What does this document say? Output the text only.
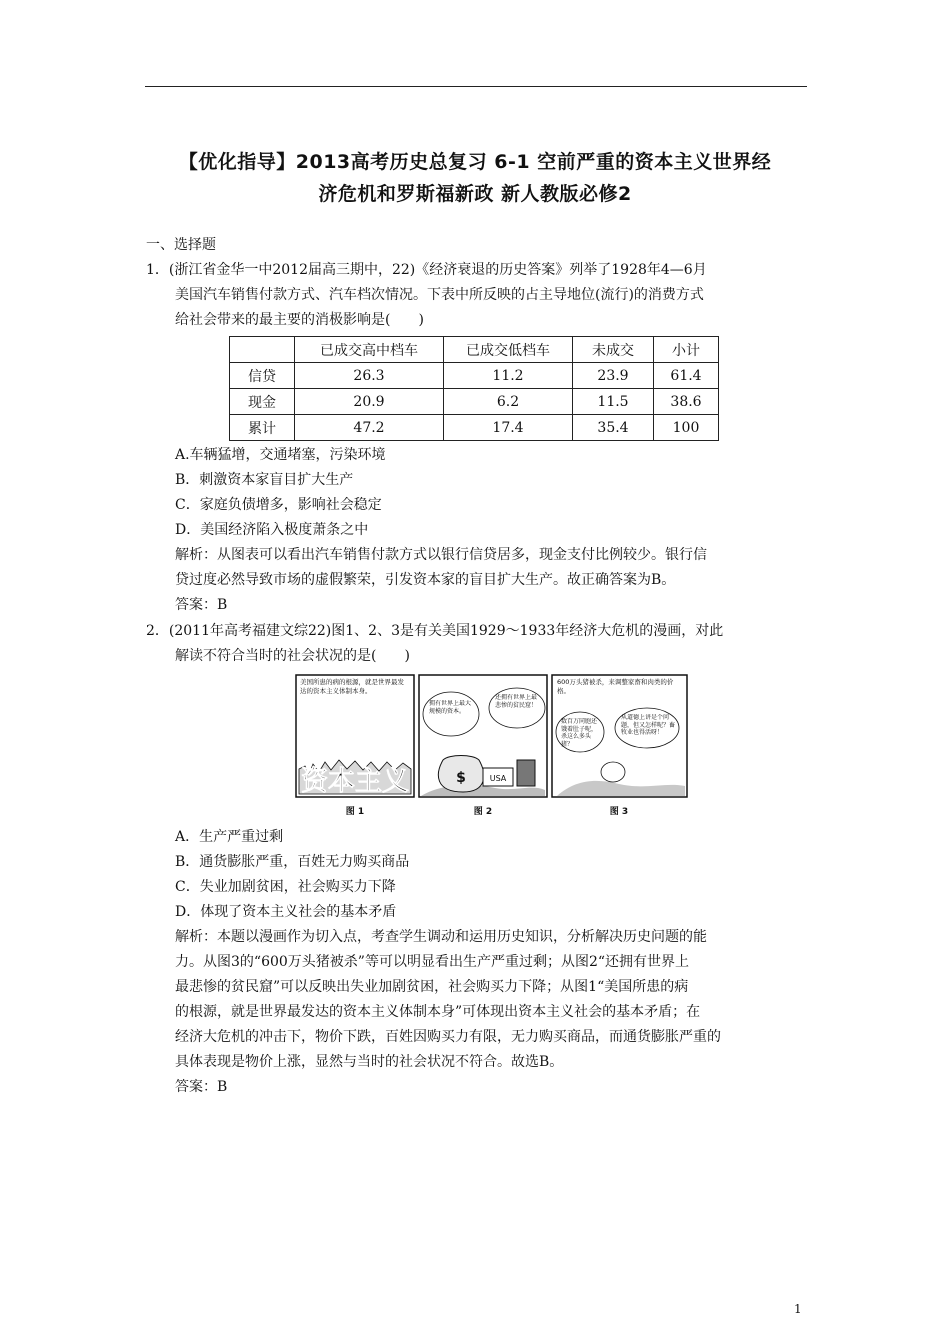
【优化指导】2013高考历史总复习 6-1 空前严重的资本主义世界经
济危机和罗斯福新政 新人教版必修2
一、选择题
1．(浙江省金华一中2012届高三期中，22)《经济衰退的历史答案》列举了1928年4—6月
美国汽车销售付款方式、汽车档次情况。下表中所反映的占主导地位(流行)的消费方式
给社会带来的最主要的消极影响是(　　)
	已成交高中档车	已成交低档车	未成交	小计
信贷	26.3	11.2	23.9	61.4
现金	20.9	6.2	11.5	38.6
累计	47.2	17.4	35.4	100
A.车辆猛增，交通堵塞，污染环境
B．刺激资本家盲目扩大生产
C．家庭负债增多，影响社会稳定
D．美国经济陷入极度萧条之中
解析：从图表可以看出汽车销售付款方式以银行信贷居多，现金支付比例较少。银行信
贷过度必然导致市场的虚假繁荣，引发资本家的盲目扩大生产。故正确答案为B。
答案：B
2．(2011年高考福建文综22)图1、2、3是有关美国1929～1933年经济大危机的漫画，对此
解读不符合当时的社会状况的是(　　)
美国所患的病的根源，就是世界最发达的资本主义体制本身。
资本主义
拥有世界上最大规模的资本。
还拥有世界上最悲惨的贫民窟！
$	USA
600万头猪被杀，来调整家畜和肉类的价格。
数百万同胞还饿着肚子呢，杀这么多头猪？
从道德上讲是个问题，但又怎样呢？畜牧业也得活呀！
图 1	图 2	图 3
A．生产严重过剩
B．通货膨胀严重，百姓无力购买商品
C．失业加剧贫困，社会购买力下降
D．体现了资本主义社会的基本矛盾
解析：本题以漫画作为切入点，考查学生调动和运用历史知识，分析解决历史问题的能
力。从图3的“600万头猪被杀”等可以明显看出生产严重过剩；从图2“还拥有世界上
最悲惨的贫民窟”可以反映出失业加剧贫困，社会购买力下降；从图1“美国所患的病
的根源，就是世界最发达的资本主义体制本身”可体现出资本主义社会的基本矛盾；在
经济大危机的冲击下，物价下跌，百姓因购买力有限，无力购买商品，而通货膨胀严重的
具体表现是物价上涨，显然与当时的社会状况不符合。故选B。
答案：B
1
